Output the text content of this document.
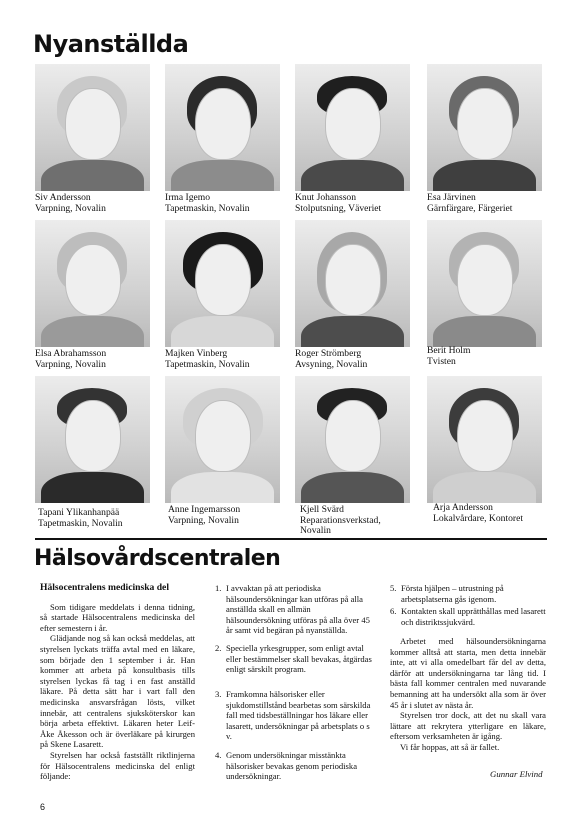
Nyanställda
Siv Andersson
Varpning, Novalin
Irma Igemo
Tapetmaskin, Novalin
Knut Johansson
Stolputsning, Väveriet
Esa Järvinen
Gärnfärgare, Färgeriet
Elsa Abrahamsson
Varpning, Novalin
Majken Vinberg
Tapetmaskin, Novalin
Roger Strömberg
Avsyning, Novalin
Berit Holm
Tvisten
Tapani Ylikanhanpää
Tapetmaskin, Novalin
Anne Ingemarsson
Varpning, Novalin
Kjell Svärd
Reparationsverkstad,
Novalin
Arja Andersson
Lokalvårdare, Kontoret
Hälsovårdscentralen

Hälsocentralens medicinska del

Som tidigare meddelats i denna tidning, så startade Hälsocentralens medicinska del efter semestern i år.

Glädjande nog så kan också meddelas, att styrelsen lyckats träffa avtal med en läkare, som började den 1 september i år. Han kommer att arbeta på konsultbasis tills styrelsen lyckas få tag i en fast anställd läkare. På detta sätt har i vart fall den medicinska ansvarsfrågan lösts, vilket innebär, att centralens sjuksköterskor kan börja arbeta effektivt. Läkaren heter Leif-Åke Åkesson och är överläkare på kirurgen på Skene Lasarett.

Styrelsen har också fastställt riktlinjerna för Hälsocentralens medicinska del enligt följande:

1. I avvaktan på att periodiska hälsoundersökningar kan utföras på alla anställda skall en allmän hälsoundersökning utföras på alla över 45 år samt vid begäran på nyanställda.
2. Speciella yrkesgrupper, som enligt avtal eller bestämmelser skall bevakas, åtgärdas enligt särskilt program.
3. Framkomna hälsorisker eller sjukdomstillstånd bearbetas som särskilda fall med tidsbeställningar hos läkare eller lasarett, undersökningar på arbetsplats o s v.
4. Genom undersökningar misstänkta hälsorisker bevakas genom periodiska undersökningar.
5. Första hjälpen – utrustning på arbetsplatserna gås igenom.
6. Kontakten skall upprätthållas med lasarett och distriktssjukvärd.

Arbetet med hälsoundersökningarna kommer alltså att starta, men detta innebär inte, att vi alla omedelbart får del av detta, därför att undersökningarna tar lång tid. I bästa fall kommer centralen med nuvarande bemanning att ha undersökt alla som är över 45 år i slutet av nästa år.

Styrelsen tror dock, att det nu skall vara lättare att rekrytera ytterligare en läkare, eftersom verksamheten är igång.

Vi får hoppas, att så är fallet.

Gunnar Elvind
6
